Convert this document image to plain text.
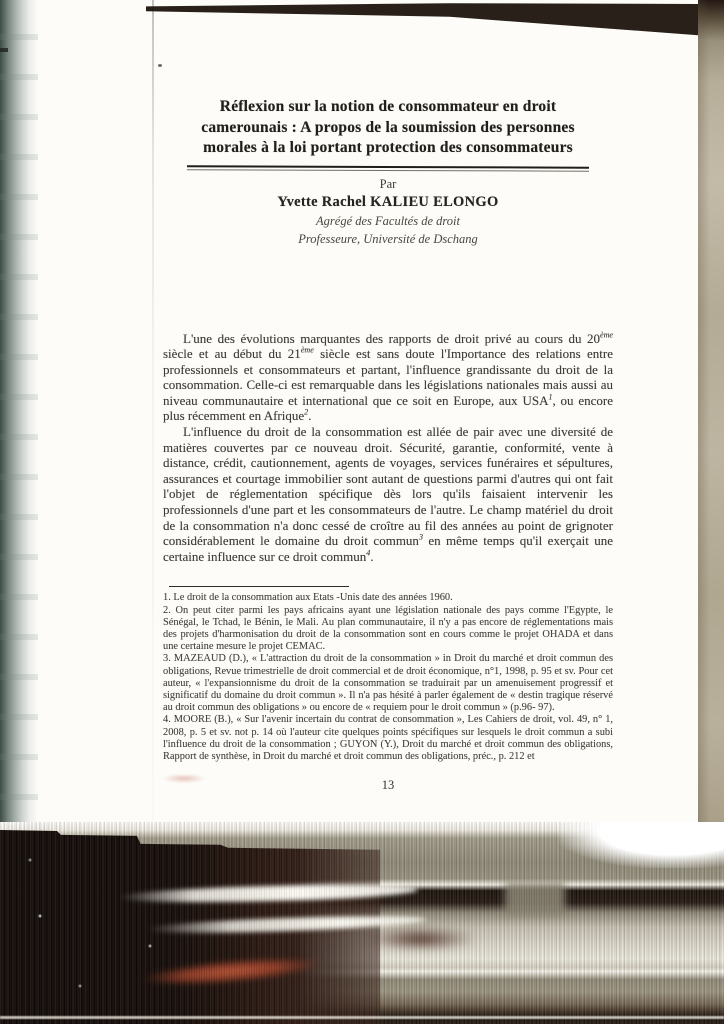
Réflexion sur la notion de consommateur en droit
camerounais : A propos de la soumission des personnes
morales à la loi portant protection des consommateurs
Par
Yvette Rachel KALIEU ELONGO
Agrégé des Facultés de droit
Professeure, Université de Dschang

L'une des évolutions marquantes des rapports de droit privé au cours du 20ème siècle et au début du 21ème siècle est sans doute l'Importance des relations entre professionnels et consommateurs et partant, l'influence grandissante du droit de la consommation. Celle-ci est remarquable dans les législations nationales mais aussi au niveau communautaire et international que ce soit en Europe, aux USA$^1$, ou encore plus récemment en Afrique$^2$.

L'influence du droit de la consommation est allée de pair avec une diversité de matières couvertes par ce nouveau droit. Sécurité, garantie, conformité, vente à distance, crédit, cautionnement, agents de voyages, services funéraires et sépultures, assurances et courtage immobilier sont autant de questions parmi d'autres qui ont fait l'objet de réglementation spécifique dès lors qu'ils faisaient intervenir les professionnels d'une part et les consommateurs de l'autre. Le champ matériel du droit de la consommation n'a donc cessé de croître au fil des années au point de grignoter considérablement le domaine du droit commun$^3$ en même temps qu'il exerçait une certaine influence sur ce droit commun$^4$.

1. Le droit de la consommation aux Etats -Unis date des années 1960.

2. On peut citer parmi les pays africains ayant une législation nationale des pays comme l'Egypte, le Sénégal, le Tchad, le Bénin, le Mali. Au plan communautaire, il n'y a pas encore de réglementations mais des projets d'harmonisation du droit de la consommation sont en cours comme le projet OHADA et dans une certaine mesure le projet CEMAC.

3. MAZEAUD (D.), « L'attraction du droit de la consommation » in Droit du marché et droit commun des obligations, Revue trimestrielle de droit commercial et de droit économique, n°1, 1998, p. 95 et sv. Pour cet auteur, « l'expansionnisme du droit de la consommation se traduirait par un amenuisement progressif et significatif du domaine du droit commun ». Il n'a pas hésité à parler également de « destin tragique réservé au droit commun des obligations » ou encore de « requiem pour le droit commun » (p.96- 97).

4. MOORE (B.), « Sur l'avenir incertain du contrat de consommation », Les Cahiers de droit, vol. 49, n° 1, 2008, p. 5 et sv. not p. 14 où l'auteur cite quelques points spécifiques sur lesquels le droit commun a subi l'influence du droit de la consommation ; GUYON (Y.), Droit du marché et droit commun des obligations, Rapport de synthèse, in Droit du marché et droit commun des obligations, préc., p. 212 et

13
